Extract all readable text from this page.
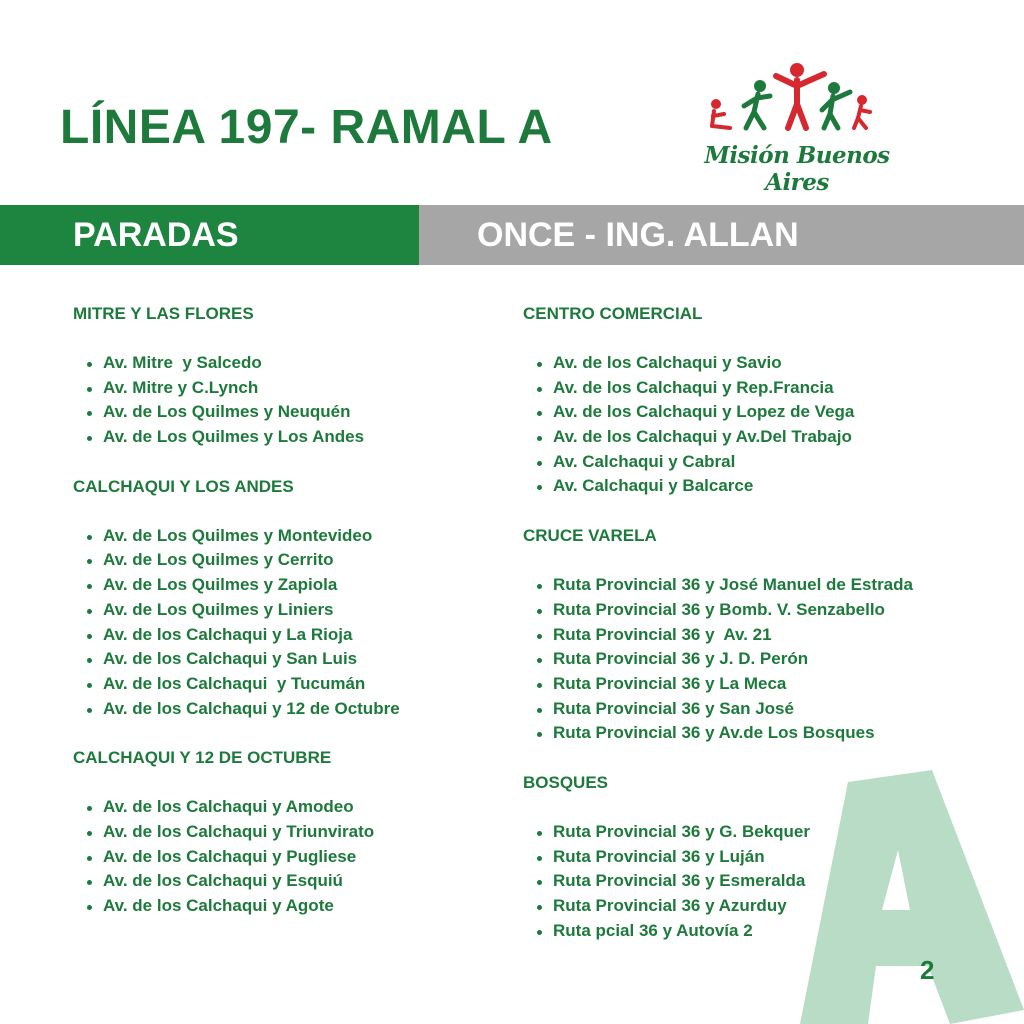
LÍNEA 197- RAMAL A
Misión Buenos Aires
PARADAS	ONCE - ING. ALLAN
2
MITRE Y LAS FLORES
Av. Mitre  y Salcedo
Av. Mitre y C.Lynch
Av. de Los Quilmes y Neuquén
Av. de Los Quilmes y Los Andes
CALCHAQUI Y LOS ANDES
Av. de Los Quilmes y Montevideo
Av. de Los Quilmes y Cerrito
Av. de Los Quilmes y Zapiola
Av. de Los Quilmes y Liniers
Av. de los Calchaqui y La Rioja
Av. de los Calchaqui y San Luis
Av. de los Calchaqui  y Tucumán
Av. de los Calchaqui y 12 de Octubre
CALCHAQUI Y 12 DE OCTUBRE
Av. de los Calchaqui y Amodeo
Av. de los Calchaqui y Triunvirato
Av. de los Calchaqui y Pugliese
Av. de los Calchaqui y Esquiú
Av. de los Calchaqui y Agote
CENTRO COMERCIAL
Av. de los Calchaqui y Savio
Av. de los Calchaqui y Rep.Francia
Av. de los Calchaqui y Lopez de Vega
Av. de los Calchaqui y Av.Del Trabajo
Av. Calchaqui y Cabral
Av. Calchaqui y Balcarce
CRUCE VARELA
Ruta Provincial 36 y José Manuel de Estrada
Ruta Provincial 36 y Bomb. V. Senzabello
Ruta Provincial 36 y  Av. 21
Ruta Provincial 36 y J. D. Perón
Ruta Provincial 36 y La Meca
Ruta Provincial 36 y San José
Ruta Provincial 36 y Av.de Los Bosques
BOSQUES
Ruta Provincial 36 y G. Bekquer
Ruta Provincial 36 y Luján
Ruta Provincial 36 y Esmeralda
Ruta Provincial 36 y Azurduy
Ruta pcial 36 y Autovía 2
